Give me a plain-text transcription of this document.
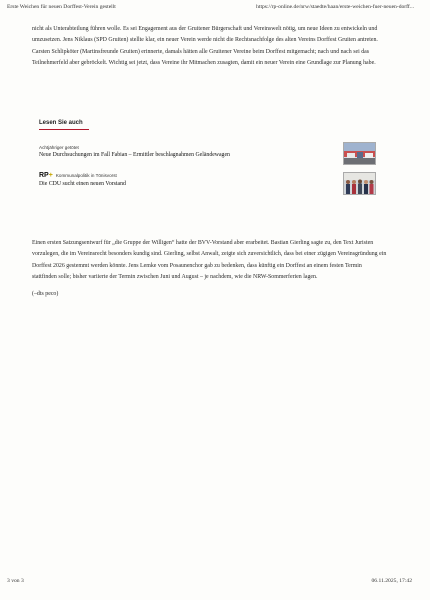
Erste Weichen für neuen Dorffest-Verein gestellt	https://rp-online.de/nrw/staedte/haan/erste-weichen-fuer-neuen-dorff...

nicht als Unterabteilung führen wolle. Es sei Engagement aus der Gruitener Bürgerschaft und Vereinswelt nötig, um neue Ideen zu entwickeln und umzusetzen. Jens Niklaus (SPD Gruiten) stellte klar, ein neuer Verein werde nicht die Rechtsnachfolge des alten Vereins Dorffest Gruiten antreten. Carsten Schlipköter (Martinsfreunde Gruiten) erinnerte, damals hätten alle Gruitener Vereine beim Dorffest mitgemacht; nach und nach sei das Teilnehmerfeld aber gebröckelt. Wichtig sei jetzt, dass Vereine ihr Mitmachen zusagten, damit ein neuer Verein eine Grundlage zur Planung habe.

Lesen Sie auch
Achtjähriger getötet
Neue Durchsuchungen im Fall Fabian – Ermittler beschlagnahmen Geländewagen
RP+ Kommunalpolitik in Tönisvorst
Die CDU sucht einen neuen Vorstand

Einen ersten Satzungsentwurf für „die Gruppe der Willigen“ hatte der BVV-Vorstand aber erarbeitet. Bastian Gierling sagte zu, den Text Juristen vorzulegen, die im Vereinsrecht besonders kundig sind. Gierling, selbst Anwalt, zeigte sich zuversichtlich, dass bei einer zügigen Vereinsgründung ein Dorffest 2026 gestemmt werden könnte. Jens Lemke vom Posaunenchor gab zu bedenken, dass künftig ein Dorffest an einem festen Termin stattfinden solle; bisher variierte der Termin zwischen Juni und August – je nachdem, wie die NRW-Sommerferien lagen.

(–dts peco)

3 von 3	06.11.2025, 17:42
